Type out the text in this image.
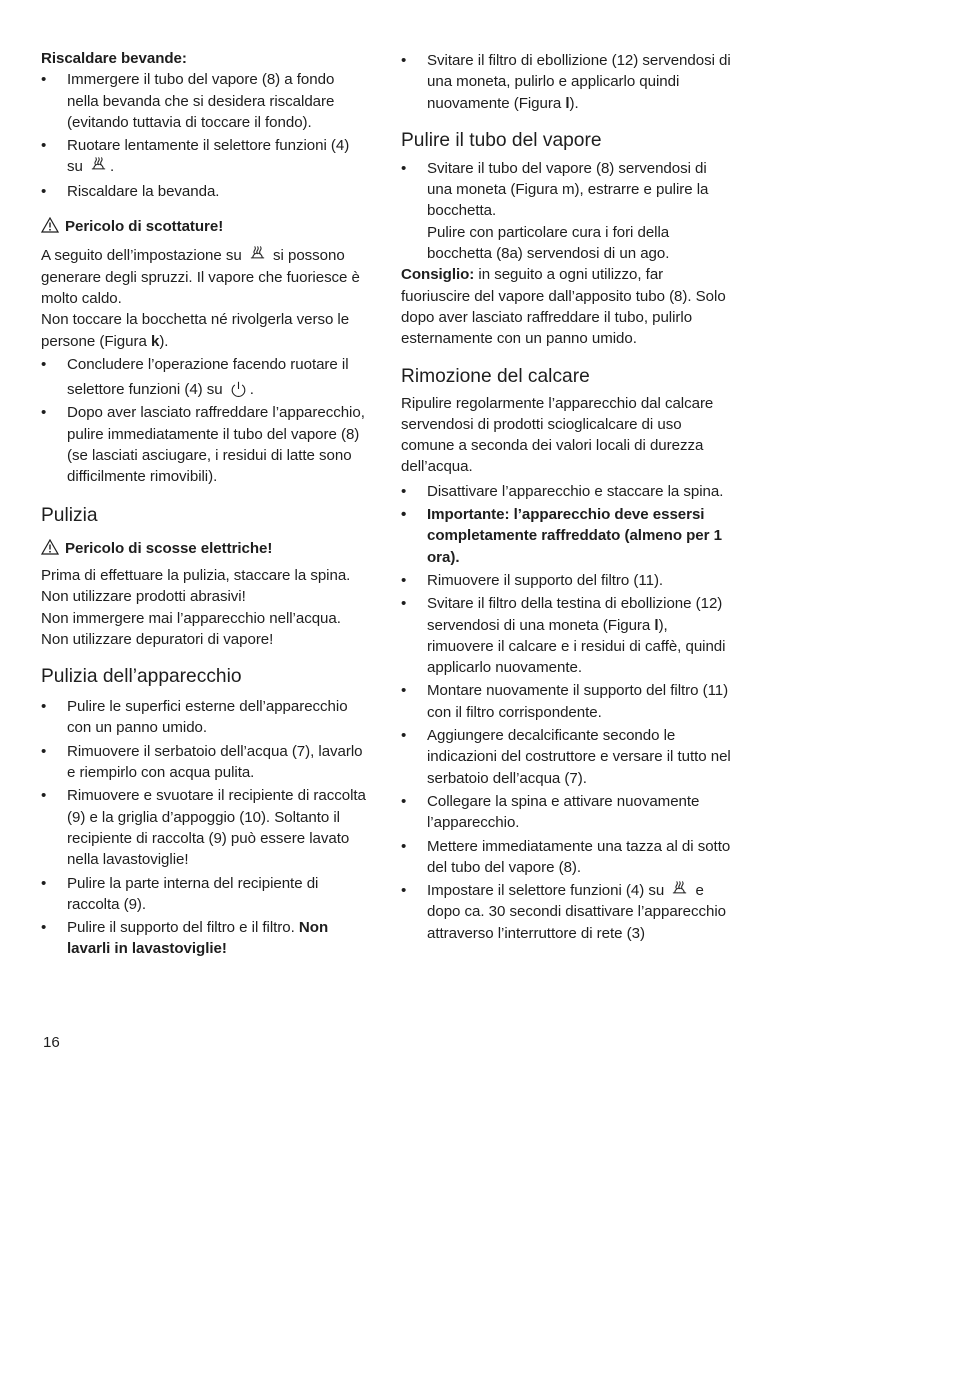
Riscaldare bevande:

• Immergere il tubo del vapore (8) a fondo nella bevanda che si desidera riscaldare (evitando tuttavia di toccare il fondo).

• Ruotare lentamente il selettore funzioni (4)
su .

• Riscaldare la bevanda.

Pericolo di scottature!

A seguito dell’impostazione su si possono generare degli spruzzi. Il vapore che fuoriesce è molto caldo.

Non toccare la bocchetta né rivolgerla verso le persone (Figura k).

• Concludere l’operazione facendo ruotare il
selettore funzioni (4) su .

• Dopo aver lasciato raffreddare l’apparecchio, pulire immediatamente il tubo del vapore (8) (se lasciati asciugare, i residui di latte sono difficilmente rimovibili).

Pulizia

Pericolo di scosse elettriche!

Prima di effettuare la pulizia, staccare la spina.

Non utilizzare prodotti abrasivi!

Non immergere mai l’apparecchio nell’acqua.

Non utilizzare depuratori di vapore!

Pulizia dell’apparecchio

• Pulire le superfici esterne dell’apparecchio con un panno umido.

• Rimuovere il serbatoio dell’acqua (7), lavarlo e riempirlo con acqua pulita.

• Rimuovere e svuotare il recipiente di raccolta (9) e la griglia d’appoggio (10). Soltanto il recipiente di raccolta (9) può essere lavato nella lavastoviglie!

• Pulire la parte interna del recipiente di raccolta (9).

• Pulire il supporto del filtro e il filtro. Non lavarli in lavastoviglie!

• Svitare il filtro di ebollizione (12) servendosi di una moneta, pulirlo e applicarlo quindi nuovamente (Figura l).

Pulire il tubo del vapore

• Svitare il tubo del vapore (8) servendosi di una moneta (Figura m), estrarre e pulire la bocchetta.
Pulire con particolare cura i fori della bocchetta (8a) servendosi di un ago.

Consiglio: in seguito a ogni utilizzo, far fuoriuscire del vapore dall’apposito tubo (8). Solo dopo aver lasciato raffreddare il tubo, pulirlo esternamente con un panno umido.

Rimozione del calcare

Ripulire regolarmente l’apparecchio dal calcare servendosi di prodotti scioglicalcare di uso comune a seconda dei valori locali di durezza dell’acqua.

• Disattivare l’apparecchio e staccare la spina.

• Importante: l’apparecchio deve essersi completamente raffreddato (almeno per 1 ora).

• Rimuovere il supporto del filtro (11).

• Svitare il filtro della testina di ebollizione (12) servendosi di una moneta (Figura l), rimuovere il calcare e i residui di caffè, quindi applicarlo nuovamente.

• Montare nuovamente il supporto del filtro (11) con il filtro corrispondente.

• Aggiungere decalcificante secondo le indicazioni del costruttore e versare il tutto nel serbatoio dell’acqua (7).

• Collegare la spina e attivare nuovamente l’apparecchio.

• Mettere immediatamente una tazza al di sotto del tubo del vapore (8).

• Impostare il selettore funzioni (4) su e dopo ca. 30 secondi disattivare l’apparecchio attraverso l’interruttore di rete (3)

16
